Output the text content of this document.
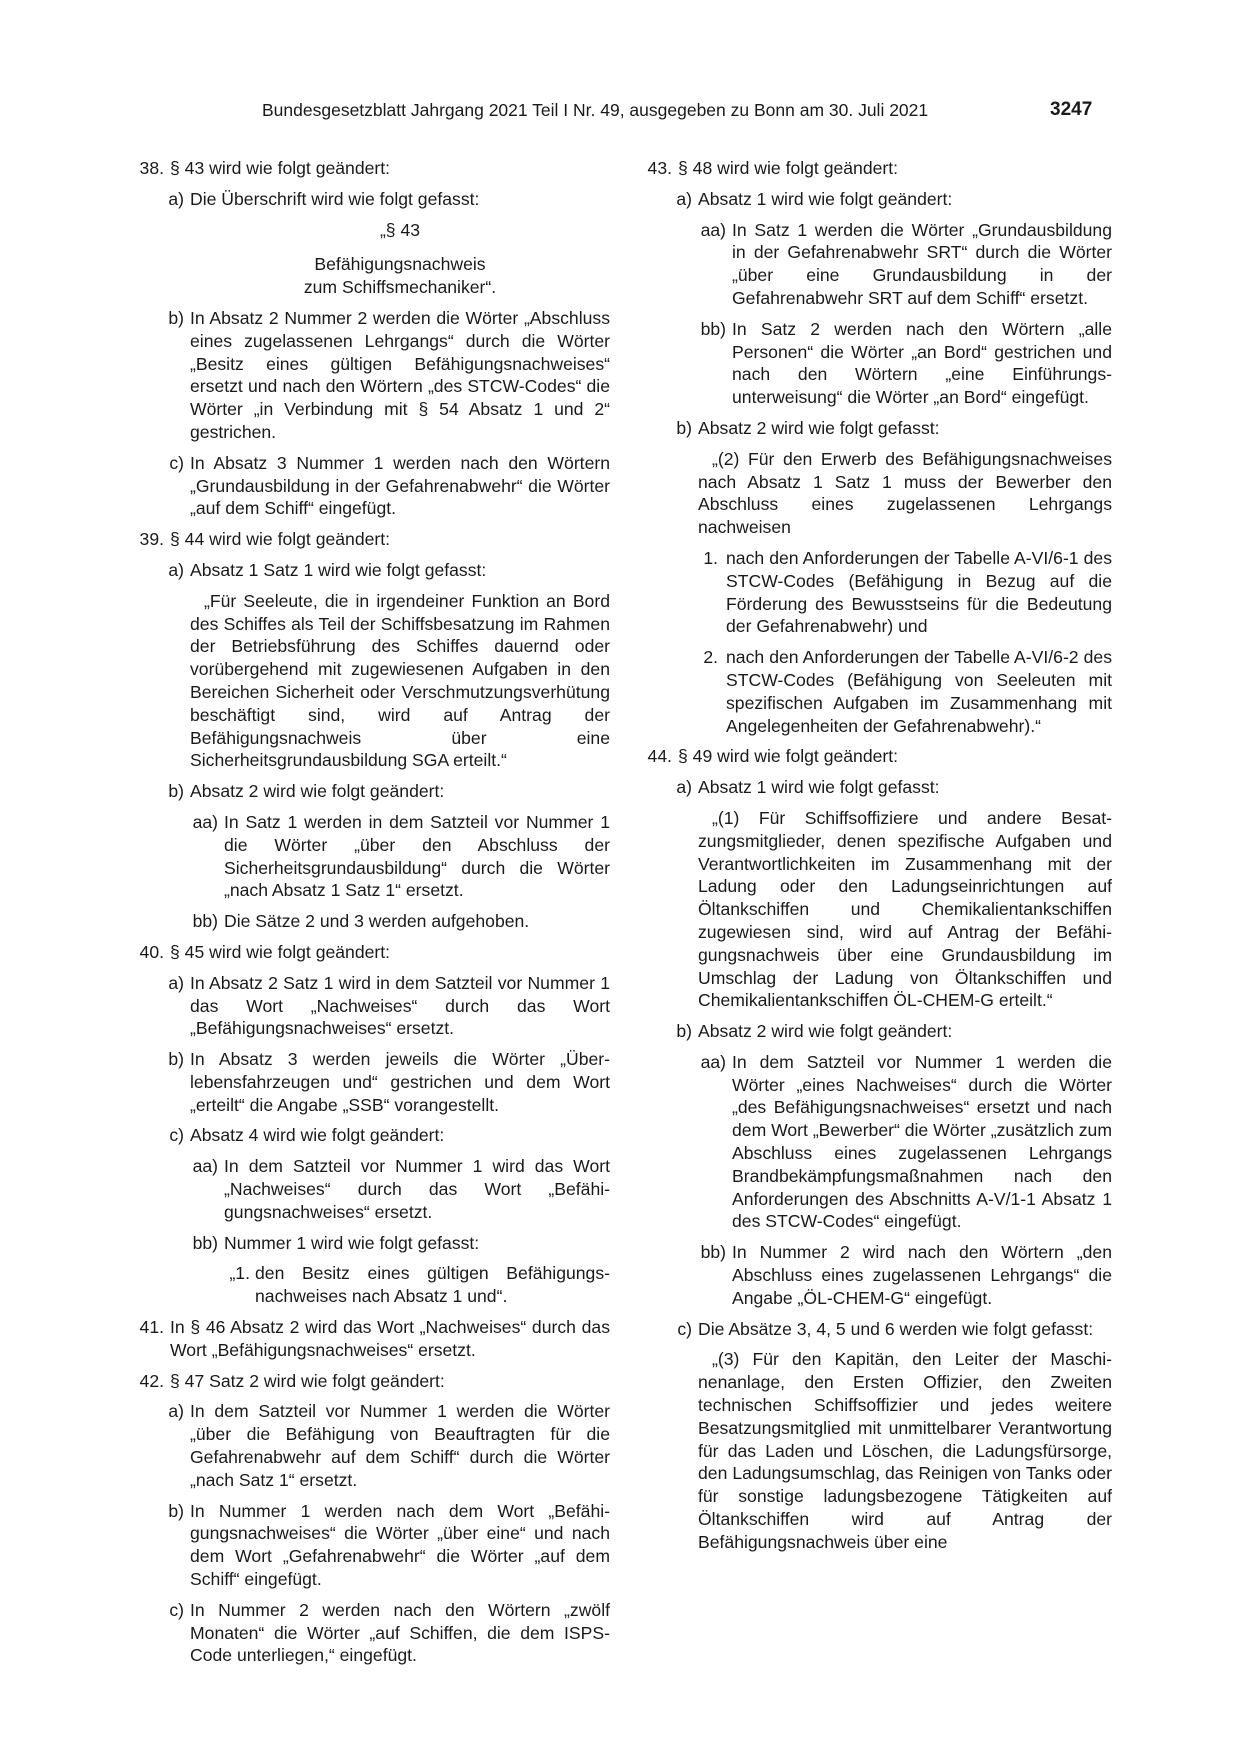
Bundesgesetzblatt Jahrgang 2021 Teil I Nr. 49, ausgegeben zu Bonn am 30. Juli 2021	3247
38. § 43 wird wie folgt geändert:
a) Die Überschrift wird wie folgt gefasst:
„§ 43
Befähigungsnachweis
zum Schiffsmechaniker“.
b) In Absatz 2 Nummer 2 werden die Wörter „Abschluss eines zugelassenen Lehrgangs“ durch die Wörter „Besitz eines gültigen Befähigungsnachweises“ ersetzt und nach den Wörtern „des STCW-Codes“ die Wörter „in Verbindung mit § 54 Absatz 1 und 2“ gestrichen.
c) In Absatz 3 Nummer 1 werden nach den Wörtern „Grundausbildung in der Gefahrenabwehr“ die Wörter „auf dem Schiff“ eingefügt.
39. § 44 wird wie folgt geändert:
a) Absatz 1 Satz 1 wird wie folgt gefasst:
„Für Seeleute, die in irgendeiner Funktion an Bord des Schiffes als Teil der Schiffsbesatzung im Rahmen der Betriebsführung des Schiffes dauernd oder vorübergehend mit zugewiesenen Aufgaben in den Bereichen Sicherheit oder Verschmutzungsverhütung beschäftigt sind, wird auf Antrag der Befähigungsnachweis über eine Sicherheitsgrundausbildung SGA erteilt.“
b) Absatz 2 wird wie folgt geändert:
aa) In Satz 1 werden in dem Satzteil vor Nummer 1 die Wörter „über den Abschluss der Sicherheitsgrundausbildung“ durch die Wörter „nach Absatz 1 Satz 1“ ersetzt.
bb) Die Sätze 2 und 3 werden aufgehoben.
40. § 45 wird wie folgt geändert:
a) In Absatz 2 Satz 1 wird in dem Satzteil vor Nummer 1 das Wort „Nachweises“ durch das Wort „Befähigungsnachweises“ ersetzt.
b) In Absatz 3 werden jeweils die Wörter „Überlebensfahrzeugen und“ gestrichen und dem Wort „erteilt“ die Angabe „SSB“ vorangestellt.
c) Absatz 4 wird wie folgt geändert:
aa) In dem Satzteil vor Nummer 1 wird das Wort „Nachweises“ durch das Wort „Befähigungsnachweises“ ersetzt.
bb) Nummer 1 wird wie folgt gefasst:
„1. den Besitz eines gültigen Befähigungsnachweises nach Absatz 1 und“.
41. In § 46 Absatz 2 wird das Wort „Nachweises“ durch das Wort „Befähigungsnachweises“ ersetzt.
42. § 47 Satz 2 wird wie folgt geändert:
a) In dem Satzteil vor Nummer 1 werden die Wörter „über die Befähigung von Beauftragten für die Gefahrenabwehr auf dem Schiff“ durch die Wörter „nach Satz 1“ ersetzt.
b) In Nummer 1 werden nach dem Wort „Befähigungsnachweises“ die Wörter „über eine“ und nach dem Wort „Gefahrenabwehr“ die Wörter „auf dem Schiff“ eingefügt.
c) In Nummer 2 werden nach den Wörtern „zwölf Monaten“ die Wörter „auf Schiffen, die dem ISPS-Code unterliegen,“ eingefügt.
43. § 48 wird wie folgt geändert:
a) Absatz 1 wird wie folgt geändert:
aa) In Satz 1 werden die Wörter „Grundausbildung in der Gefahrenabwehr SRT“ durch die Wörter „über eine Grundausbildung in der Gefahrenabwehr SRT auf dem Schiff“ ersetzt.
bb) In Satz 2 werden nach den Wörtern „alle Personen“ die Wörter „an Bord“ gestrichen und nach den Wörtern „eine Einführungsunterweisung“ die Wörter „an Bord“ eingefügt.
b) Absatz 2 wird wie folgt gefasst:
„(2) Für den Erwerb des Befähigungsnachweises nach Absatz 1 Satz 1 muss der Bewerber den Abschluss eines zugelassenen Lehrgangs nachweisen
1. nach den Anforderungen der Tabelle A-VI/6-1 des STCW-Codes (Befähigung in Bezug auf die Förderung des Bewusstseins für die Bedeutung der Gefahrenabwehr) und
2. nach den Anforderungen der Tabelle A-VI/6-2 des STCW-Codes (Befähigung von Seeleuten mit spezifischen Aufgaben im Zusammenhang mit Angelegenheiten der Gefahrenabwehr).“
44. § 49 wird wie folgt geändert:
a) Absatz 1 wird wie folgt gefasst:
„(1) Für Schiffsoffiziere und andere Besatzungsmitglieder, denen spezifische Aufgaben und Verantwortlichkeiten im Zusammenhang mit der Ladung oder den Ladungseinrichtungen auf Öltankschiffen und Chemikalientankschiffen zugewiesen sind, wird auf Antrag der Befähigungsnachweis über eine Grundausbildung im Umschlag der Ladung von Öltankschiffen und Chemikalientankschiffen ÖL-CHEM-G erteilt.“
b) Absatz 2 wird wie folgt geändert:
aa) In dem Satzteil vor Nummer 1 werden die Wörter „eines Nachweises“ durch die Wörter „des Befähigungsnachweises“ ersetzt und nach dem Wort „Bewerber“ die Wörter „zusätzlich zum Abschluss eines zugelassenen Lehrgangs Brandbekämpfungsmaßnahmen nach den Anforderungen des Abschnitts A-V/1-1 Absatz 1 des STCW-Codes“ eingefügt.
bb) In Nummer 2 wird nach den Wörtern „den Abschluss eines zugelassenen Lehrgangs“ die Angabe „ÖL-CHEM-G“ eingefügt.
c) Die Absätze 3, 4, 5 und 6 werden wie folgt gefasst:
„(3) Für den Kapitän, den Leiter der Maschinenanlage, den Ersten Offizier, den Zweiten technischen Schiffsoffizier und jedes weitere Besatzungsmitglied mit unmittelbarer Verantwortung für das Laden und Löschen, die Ladungsfürsorge, den Ladungsumschlag, das Reinigen von Tanks oder für sonstige ladungsbezogene Tätigkeiten auf Öltankschiffen wird auf Antrag der Befähigungsnachweis über eine
